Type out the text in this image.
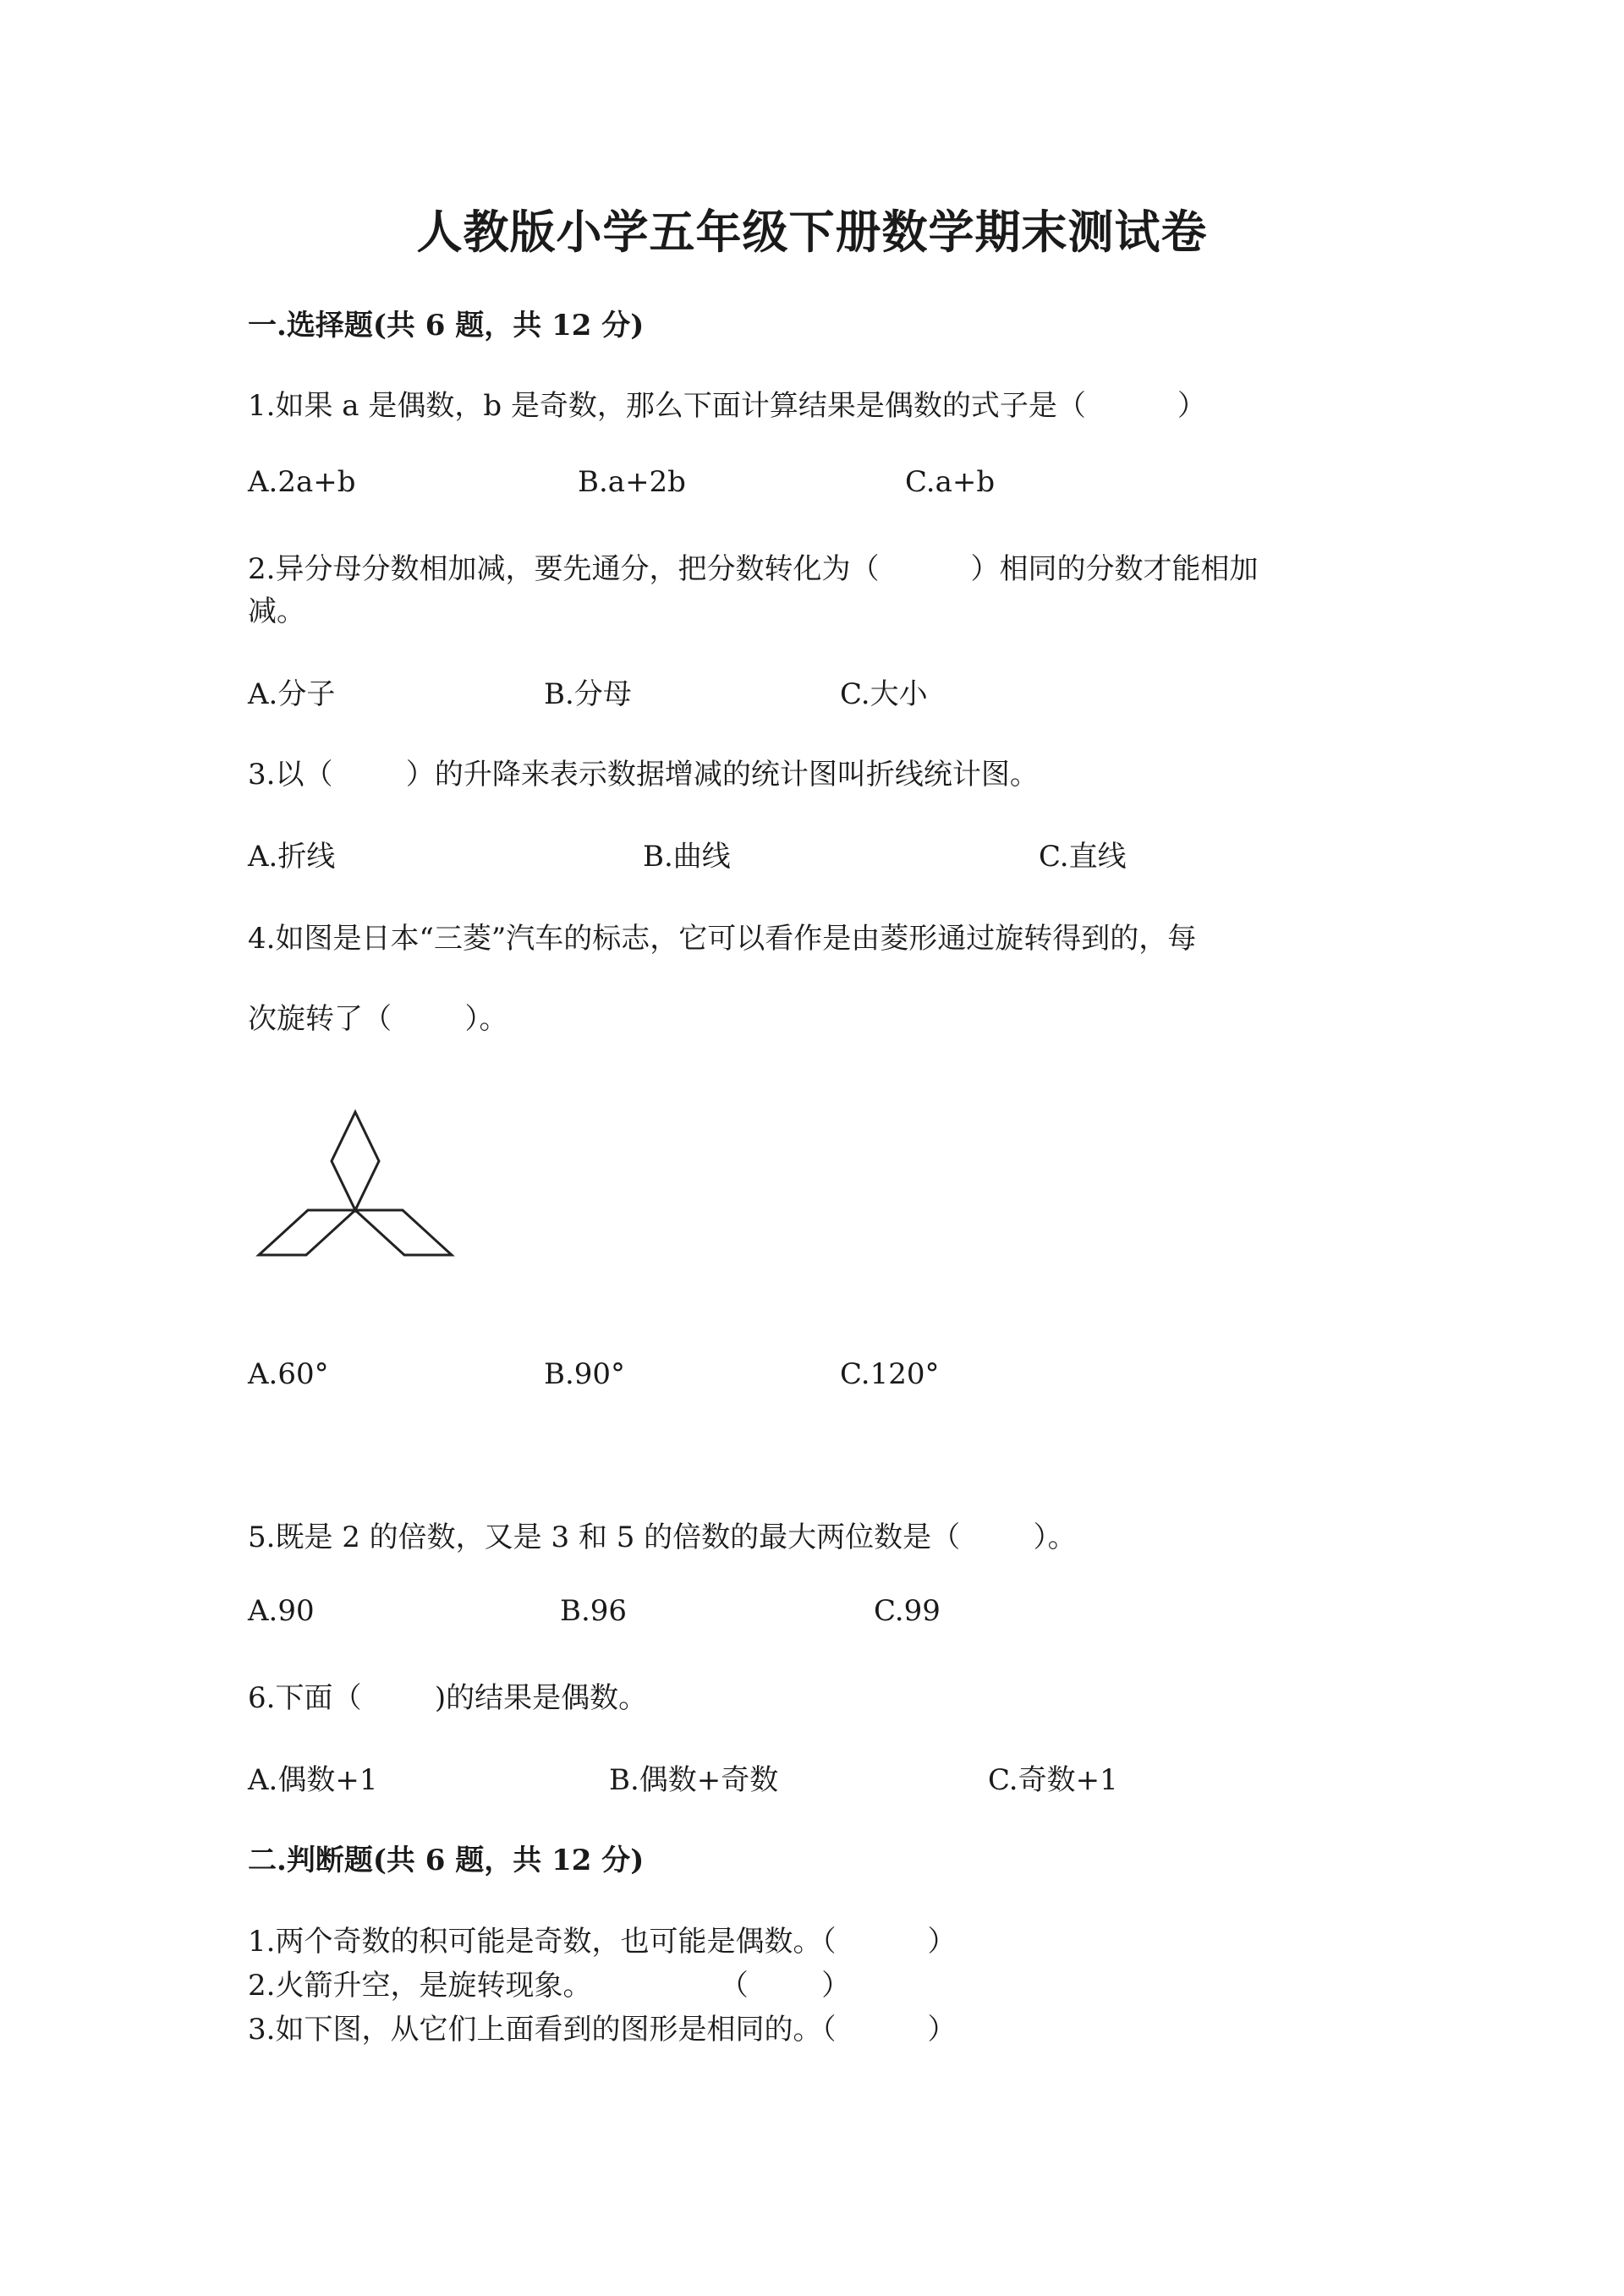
人教版小学五年级下册数学期末测试卷
一.选择题(共 6 题，共 12 分)
1.如果 a 是偶数，b 是奇数，那么下面计算结果是偶数的式子是（          ）
A.2a+b	B.a+2b	C.a+b
2.异分母分数相加减，要先通分，把分数转化为（          ）相同的分数才能相加
减。
A.分子	B.分母	C.大小
3.以（        ）的升降来表示数据增减的统计图叫折线统计图。
A.折线	B.曲线	C.直线
4.如图是日本“三菱”汽车的标志，它可以看作是由菱形通过旋转得到的，每
次旋转了（        ）。
A.60°	B.90°	C.120°
5.既是 2 的倍数，又是 3 和 5 的倍数的最大两位数是（        ）。
A.90	B.96	C.99
6.下面（        )的结果是偶数。
A.偶数+1	B.偶数+奇数	C.奇数+1
二.判断题(共 6 题，共 12 分)
1.两个奇数的积可能是奇数，也可能是偶数。（          ）
2.火箭升空，是旋转现象。              （        ）
3.如下图，从它们上面看到的图形是相同的。（          ）
